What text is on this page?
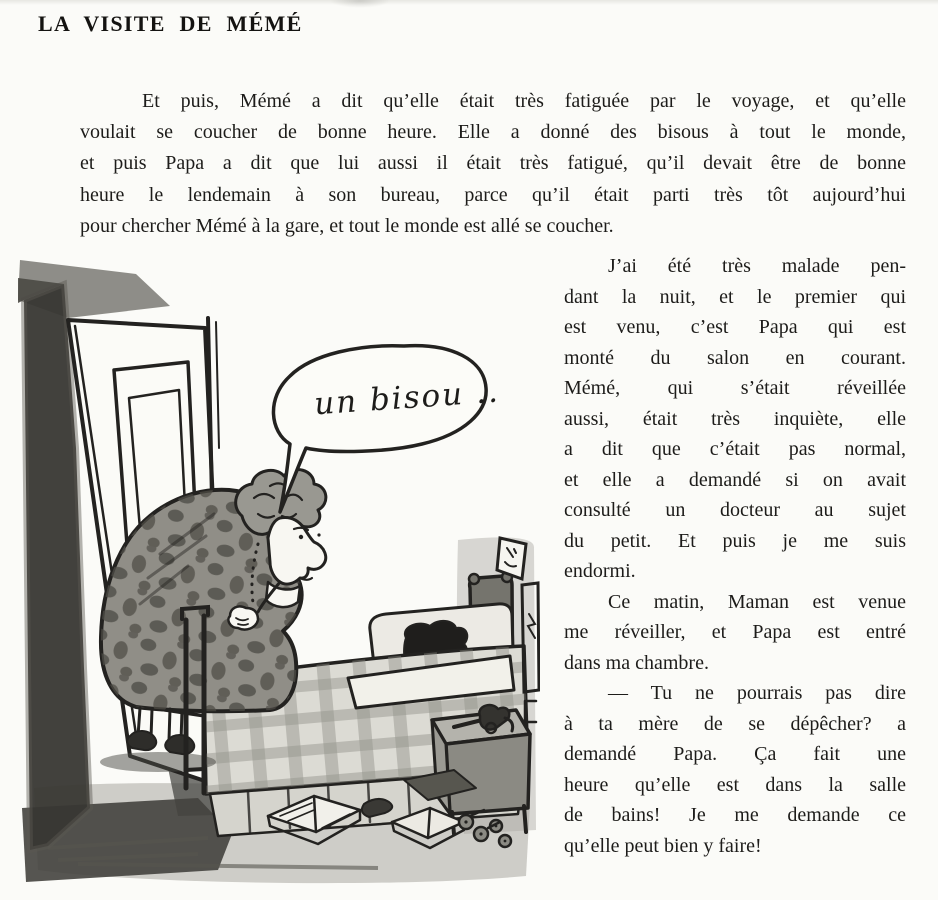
LA VISITE DE MÉMÉ
Et puis, Mémé a dit qu’elle était très fatiguée par le voyage, et qu’elle
voulait se coucher de bonne heure. Elle a donné des bisous à tout le monde,
et puis Papa a dit que lui aussi il était très fatigué, qu’il devait être de bonne
heure le lendemain à son bureau, parce qu’il était parti très tôt aujourd’hui
pour chercher Mémé à la gare, et tout le monde est allé se coucher.
J’ai été très malade pen-
dant la nuit, et le premier qui
est venu, c’est Papa qui est
monté du salon en courant.
Mémé, qui s’était réveillée
aussi, était très inquiète, elle
a dit que c’était pas normal,
et elle a demandé si on avait
consulté un docteur au sujet
du petit. Et puis je me suis
endormi.
Ce matin, Maman est venue
me réveiller, et Papa est entré
dans ma chambre.
— Tu ne pourrais pas dire
à ta mère de se dépêcher? a
demandé Papa. Ça fait une
heure qu’elle est dans la salle
de bains! Je me demande ce
qu’elle peut bien y faire!
un bisou ..
